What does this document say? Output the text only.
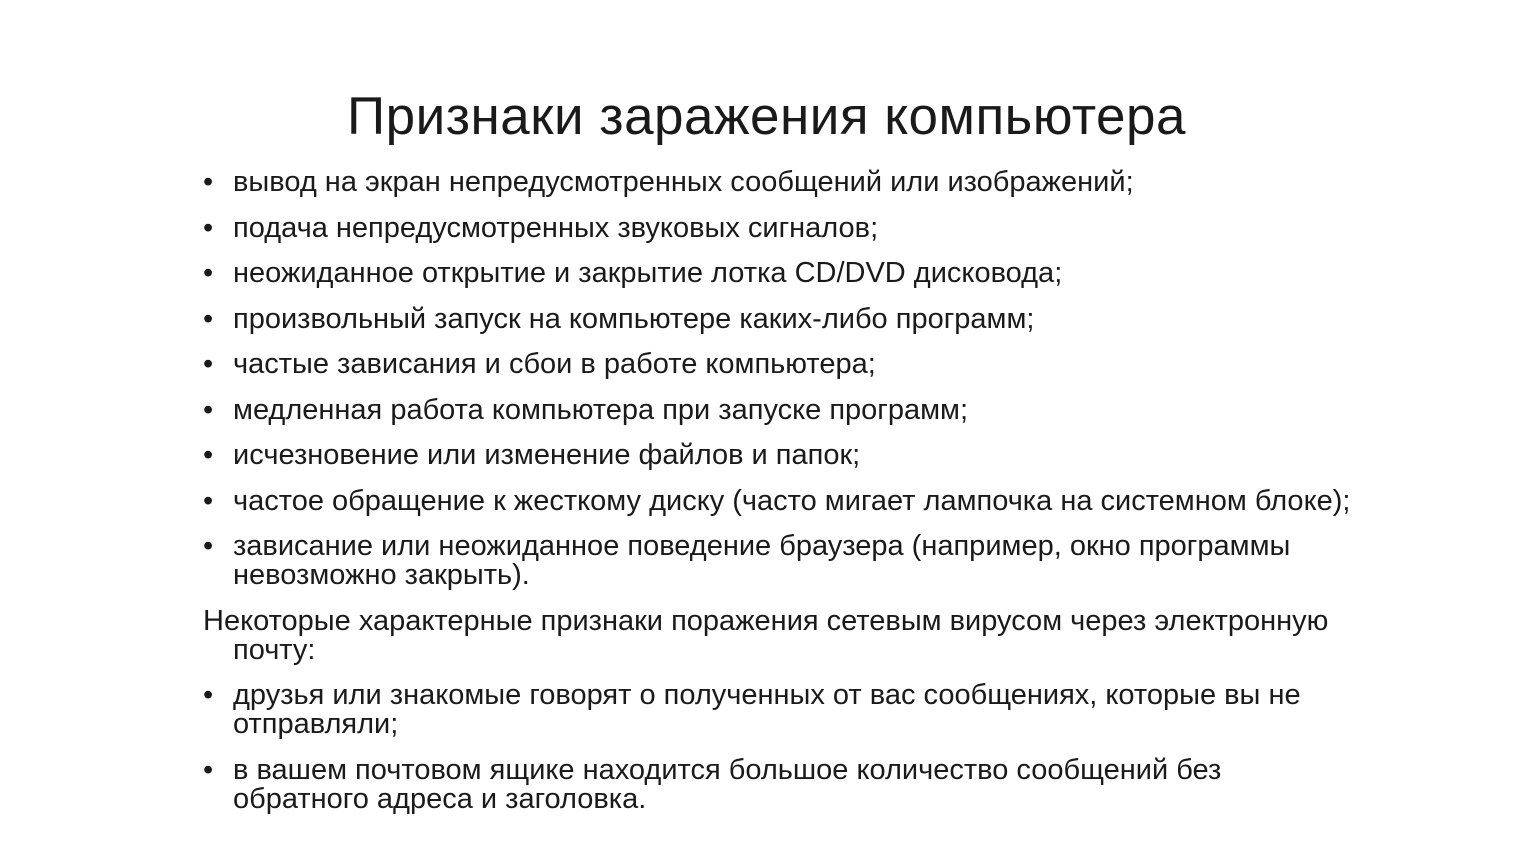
Признаки заражения компьютера
• вывод на экран непредусмотренных сообщений или изображений;
• подача непредусмотренных звуковых сигналов;
• неожиданное открытие и закрытие лотка CD/DVD дисковода;
• произвольный запуск на компьютере каких-либо программ;
• частые зависания и сбои в работе компьютера;
• медленная работа компьютера при запуске программ;
• исчезновение или изменение файлов и папок;
• частое обращение к жесткому диску (часто мигает лампочка на системном блоке);
• зависание или неожиданное поведение браузера (например, окно программы невозможно закрыть).

Некоторые характерные признаки поражения сетевым вирусом через электронную почту:

• друзья или знакомые говорят о полученных от вас сообщениях, которые вы не отправляли;
• в вашем почтовом ящике находится большое количество сообщений без обратного адреса и заголовка.
